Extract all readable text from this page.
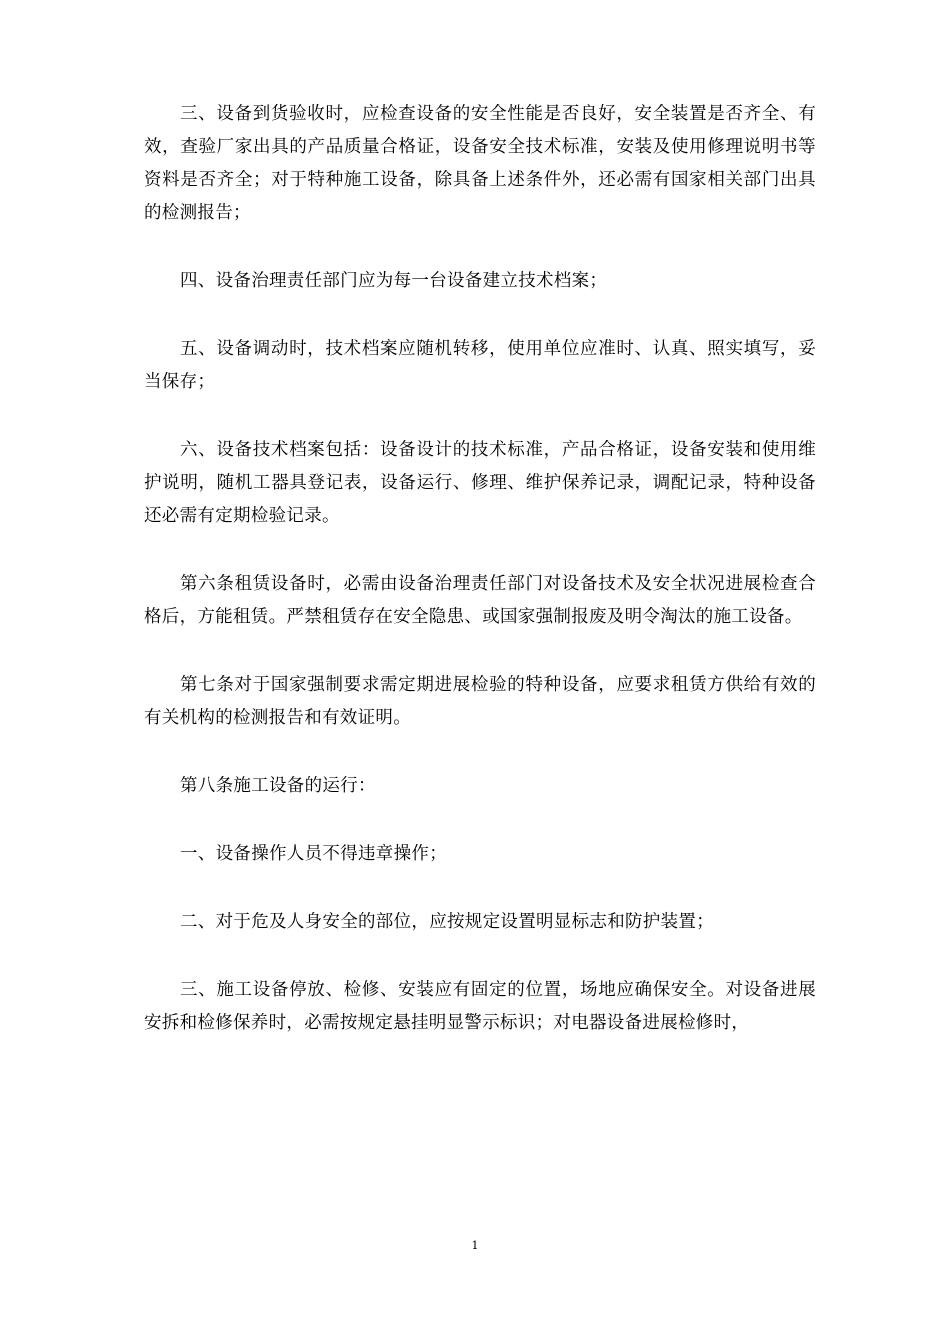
三、设备到货验收时，应检查设备的安全性能是否良好，安全装置是否齐全、有效，查验厂家出具的产品质量合格证，设备安全技术标准，安装及使用修理说明书等资料是否齐全；对于特种施工设备，除具备上述条件外，还必需有国家相关部门出具的检测报告；

四、设备治理责任部门应为每一台设备建立技术档案；

五、设备调动时，技术档案应随机转移，使用单位应准时、认真、照实填写，妥当保存；

六、设备技术档案包括：设备设计的技术标准，产品合格证，设备安装和使用维护说明，随机工器具登记表，设备运行、修理、维护保养记录，调配记录，特种设备还必需有定期检验记录。

第六条租赁设备时，必需由设备治理责任部门对设备技术及安全状况进展检查合格后，方能租赁。严禁租赁存在安全隐患、或国家强制报废及明令淘汰的施工设备。

第七条对于国家强制要求需定期进展检验的特种设备，应要求租赁方供给有效的有关机构的检测报告和有效证明。

第八条施工设备的运行：

一、设备操作人员不得违章操作；

二、对于危及人身安全的部位，应按规定设置明显标志和防护装置；

三、施工设备停放、检修、安装应有固定的位置，场地应确保安全。对设备进展安拆和检修保养时，必需按规定悬挂明显警示标识；对电器设备进展检修时，

1
